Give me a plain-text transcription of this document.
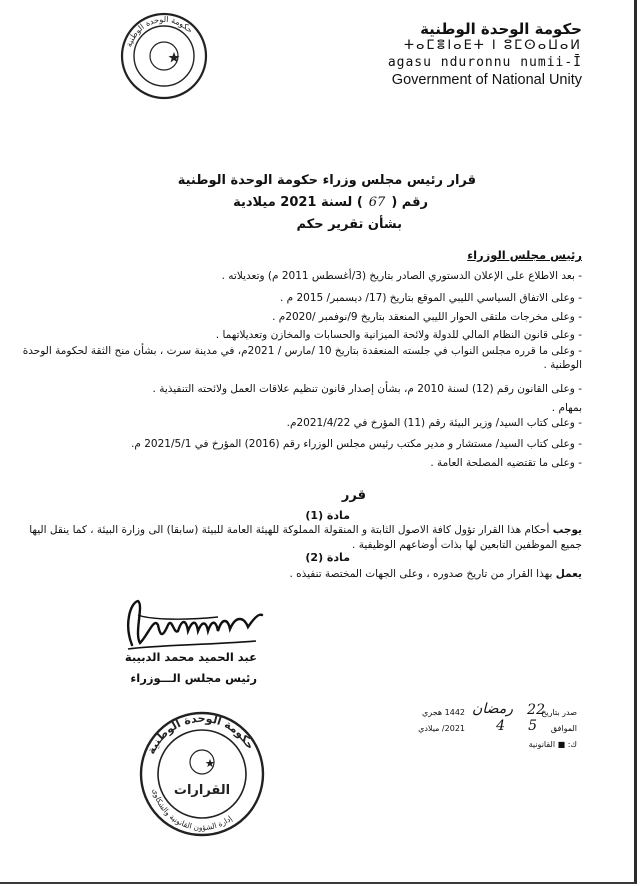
حكومة الوحدة الوطنية	حكومة الوحدة الوطنية
ⵜⴰⵎⴻⵏⴰⴹⵜ ⵏ ⵓⵎⵙⴰⵡⴰⵍ
agasu nduronnu numii-Ī
Government of National Unity
قرار رئيس مجلس وزراء حكومة الوحدة الوطنية
رقم (67) لسنة 2021 ميلادية
بشأن تقرير حكم
رئيس مجلس الوزراء
- بعد الاطلاع على الإعلان الدستوري الصادر بتاريخ (3/أغسطس 2011 م) وتعديلاته .
- وعلى الاتفاق السياسي الليبي الموقع بتاريخ (17/ ديسمبر/ 2015 م .
- وعلى مخرجات ملتقى الحوار الليبي المنعقد بتاريخ 9/نوفمبر /2020م .
- وعلى قانون النظام المالي للدولة ولائحة الميزانية والحسابات والمخازن وتعديلاتهما .
- وعلى ما قرره مجلس النواب في جلسته المنعقدة بتاريخ 10 /مارس / 2021م، في مدينة سرت ، بشأن منح الثقة لحكومة الوحدة الوطنية .
- وعلى القانون رقم (12) لسنة 2010 م، بشأن إصدار قانون تنظيم علاقات العمل ولائحته التنفيذية .
بمهام .
- وعلى كتاب السيد/ وزير البيئة رقم (11) المؤرخ في 2021/4/22م.
- وعلى كتاب السيد/ مستشار و مدير مكتب رئيس مجلس الوزراء رقم (2016) المؤرخ في 2021/5/1 م.
- وعلى ما تقتضيه المصلحة العامة .
قرر
مادة (1)
يوجب أحكام هذا القرار تؤول كافة الاصول الثابتة و المنقولة المملوكة للهيئة العامة للبيئة (سابقا) الى وزارة البيئة ، كما ينقل اليها جميع الموظفين التابعين لها بذات أوضاعهم الوظيفية .
مادة (2)
يعمل بهذا القرار من تاريخ صدوره ، وعلى الجهات المختصة تنفيذه .
عبد الحميد محمد الدبيبة
رئيس مجلس الـــوزراء
صدر بتاريخ
22
رمضان
1442 هجري
الموافق
5
4
2021/ ميلادي
ك: ■ القانونية
حكومة الوحدة الوطنية
إدارة الشؤون القانونية والشكاوى
القرارات
